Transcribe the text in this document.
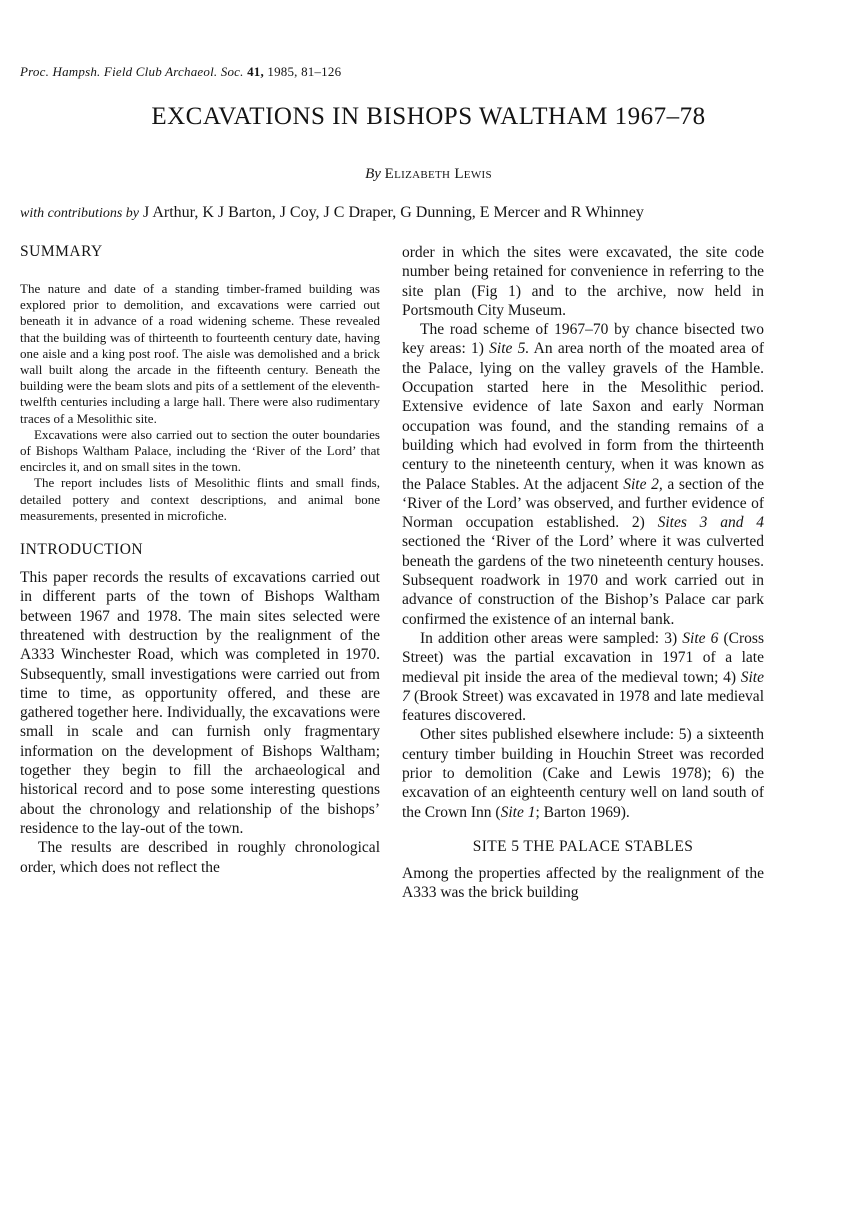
Proc. Hampsh. Field Club Archaeol. Soc. 41, 1985, 81–126
EXCAVATIONS IN BISHOPS WALTHAM 1967–78
By Elizabeth Lewis
with contributions by J Arthur, K J Barton, J Coy, J C Draper, G Dunning, E Mercer and R Whinney
SUMMARY

The nature and date of a standing timber-framed building was explored prior to demolition, and excavations were carried out beneath it in advance of a road widening scheme. These revealed that the building was of thirteenth to fourteenth century date, having one aisle and a king post roof. The aisle was demolished and a brick wall built along the arcade in the fifteenth century. Beneath the building were the beam slots and pits of a settlement of the eleventh-twelfth centuries including a large hall. There were also rudimentary traces of a Mesolithic site.

Excavations were also carried out to section the outer boundaries of Bishops Waltham Palace, including the ‘River of the Lord’ that encircles it, and on small sites in the town.

The report includes lists of Mesolithic flints and small finds, detailed pottery and context descriptions, and animal bone measurements, presented in microfiche.

INTRODUCTION

This paper records the results of excavations carried out in different parts of the town of Bishops Waltham between 1967 and 1978. The main sites selected were threatened with destruction by the realignment of the A333 Winchester Road, which was completed in 1970. Subsequently, small investigations were carried out from time to time, as opportunity offered, and these are gathered together here. Individually, the excavations were small in scale and can furnish only fragmentary information on the development of Bishops Waltham; together they begin to fill the archaeological and historical record and to pose some interesting questions about the chronology and relationship of the bishops’ residence to the lay-out of the town.

The results are described in roughly chronological order, which does not reflect the

order in which the sites were excavated, the site code number being retained for convenience in referring to the site plan (Fig 1) and to the archive, now held in Portsmouth City Museum.

The road scheme of 1967–70 by chance bisected two key areas: 1) Site 5. An area north of the moated area of the Palace, lying on the valley gravels of the Hamble. Occupation started here in the Mesolithic period. Extensive evidence of late Saxon and early Norman occupation was found, and the standing remains of a building which had evolved in form from the thirteenth century to the nineteenth century, when it was known as the Palace Stables. At the adjacent Site 2, a section of the ‘River of the Lord’ was observed, and further evidence of Norman occupation established. 2) Sites 3 and 4 sectioned the ‘River of the Lord’ where it was culverted beneath the gardens of the two nineteenth century houses. Subsequent roadwork in 1970 and work carried out in advance of construction of the Bishop’s Palace car park confirmed the existence of an internal bank.

In addition other areas were sampled: 3) Site 6 (Cross Street) was the partial excavation in 1971 of a late medieval pit inside the area of the medieval town; 4) Site 7 (Brook Street) was excavated in 1978 and late medieval features discovered.

Other sites published elsewhere include: 5) a sixteenth century timber building in Houchin Street was recorded prior to demolition (Cake and Lewis 1978); 6) the excavation of an eighteenth century well on land south of the Crown Inn (Site 1; Barton 1969).

SITE 5 THE PALACE STABLES

Among the properties affected by the realignment of the A333 was the brick building
